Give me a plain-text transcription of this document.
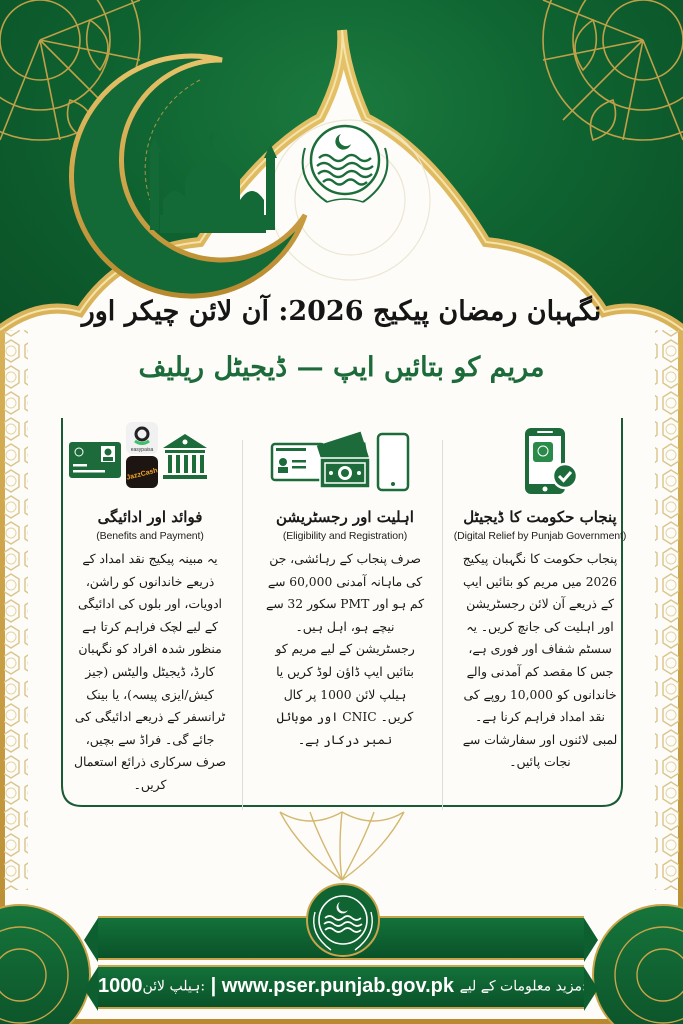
نگہبان رمضان پیکیج 2026: آن لائن چیکر اور
مریم کو بتائیں ایپ — ڈیجیٹل ریلیف
پنجاب حکومت کا ڈیجیٹل
(Digital Relief by Punjab Government)
پنجاب حکومت کا نگہبان پیکیج 2026 میں مریم کو بتائیں ایپ کے ذریعے آن لائن رجسٹریشن اور اہلیت کی جانچ کریں۔ یہ سسٹم شفاف اور فوری ہے، جس کا مقصد کم آمدنی والے خاندانوں کو 10,000 روپے کی نقد امداد فراہم کرنا ہے۔ لمبی لائنوں اور سفارشات سے نجات پائیں۔
اہلیت اور رجسٹریشن
(Eligibility and Registration)
صرف پنجاب کے رہائشی، جن کی ماہانہ آمدنی 60,000 سے کم ہو اور PMT سکور 32 سے نیچے ہو، اہل ہیں۔ رجسٹریشن کے لیے مریم کو بتائیں ایپ ڈاؤن لوڈ کریں یا ہیلپ لائن 1000 پر کال کریں۔ CNIC اور موبائل نمبر درکار ہے۔
easypaisa
JazzCash
فوائد اور ادائیگی
(Benefits and Payment)
یہ مبینہ پیکیج نقد امداد کے ذریعے خاندانوں کو راشن، ادویات، اور بلوں کی ادائیگی کے لیے لچک فراہم کرتا ہے منظور شدہ افراد کو نگہبان کارڈ، ڈیجیٹل والیٹس (جیز کیش/ایزی پیسہ)، یا بینک ٹرانسفر کے ذریعے ادائیگی کی جائے گی۔ فراڈ سے بچیں، صرف سرکاری ذرائع استعمال کریں۔
1000ہیلپ لائن: | www.pser.punjab.gov.pk مزید معلومات کے لیے:
